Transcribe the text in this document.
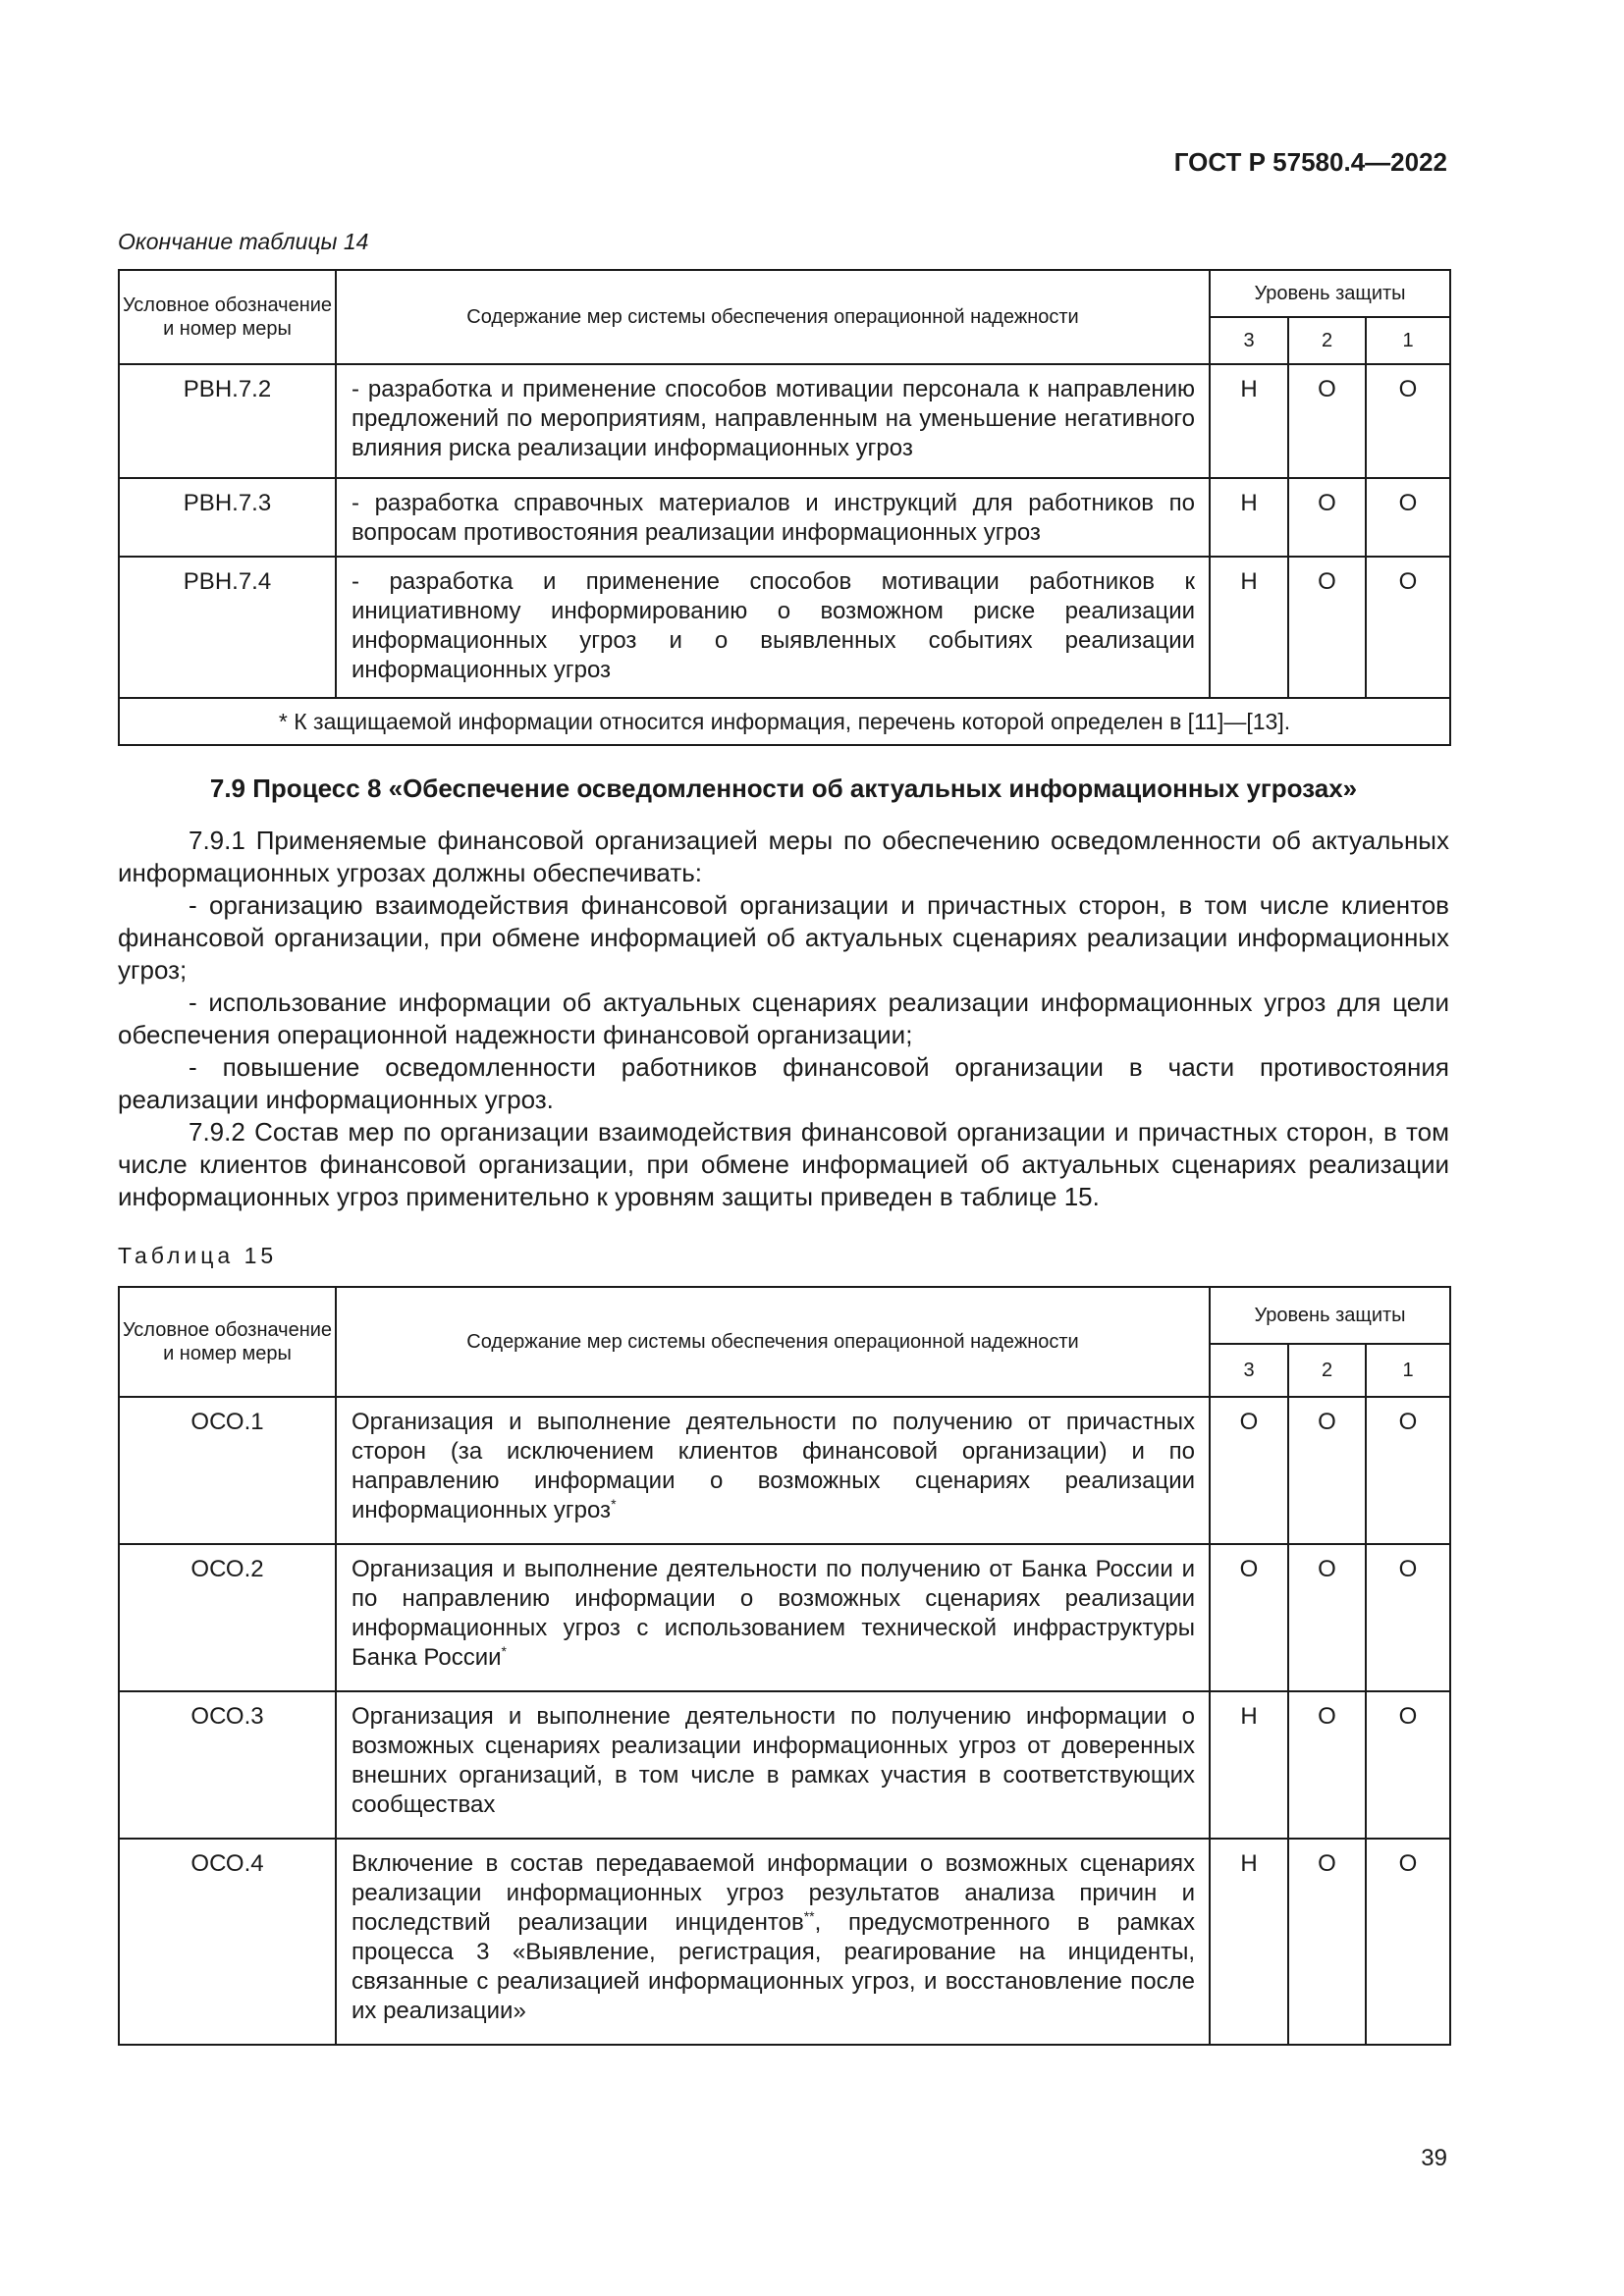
ГОСТ Р 57580.4—2022
Окончание таблицы 14
Условное обозначение и номер меры	Содержание мер системы обеспечения операционной надежности	Уровень защиты		
		3	2	1
РВН.7.2	- разработка и применение способов мотивации персонала к направлению предложений по мероприятиям, направленным на уменьшение негативного влияния риска реализации информационных угроз	Н	О	О
РВН.7.3	- разработка справочных материалов и инструкций для работников по вопросам противостояния реализации информационных угроз	Н	О	О
РВН.7.4	- разработка и применение способов мотивации работников к инициативному информированию о возможном риске реализации информационных угроз и о выявленных событиях реализации информационных угроз	Н	О	О
* К защищаемой информации относится информация, перечень которой определен в [11]—[13].				
7.9 Процесс 8 «Обеспечение осведомленности об актуальных информационных угрозах»

7.9.1 Применяемые финансовой организацией меры по обеспечению осведомленности об актуальных информационных угрозах должны обеспечивать:

- организацию взаимодействия финансовой организации и причастных сторон, в том числе клиентов финансовой организации, при обмене информацией об актуальных сценариях реализации информационных угроз;

- использование информации об актуальных сценариях реализации информационных угроз для цели обеспечения операционной надежности финансовой организации;

- повышение осведомленности работников финансовой организации в части противостояния реализации информационных угроз.

7.9.2 Состав мер по организации взаимодействия финансовой организации и причастных сторон, в том числе клиентов финансовой организации, при обмене информацией об актуальных сценариях реализации информационных угроз применительно к уровням защиты приведен в таблице 15.

Таблица 15
Условное обозначение и номер меры	Содержание мер системы обеспечения операционной надежности	Уровень защиты		
		3	2	1
ОСО.1	Организация и выполнение деятельности по получению от причастных сторон (за исключением клиентов финансовой организации) и по направлению информации о возможных сценариях реализации информационных угроз*	О	О	О
ОСО.2	Организация и выполнение деятельности по получению от Банка России и по направлению информации о возможных сценариях реализации информационных угроз с использованием технической инфраструктуры Банка России*	О	О	О
ОСО.3	Организация и выполнение деятельности по получению информации о возможных сценариях реализации информационных угроз от доверенных внешних организаций, в том числе в рамках участия в соответствующих сообществах	Н	О	О
ОСО.4	Включение в состав передаваемой информации о возможных сценариях реализации информационных угроз результатов анализа причин и последствий реализации инцидентов**, предусмотренного в рамках процесса 3 «Выявление, регистрация, реагирование на инциденты, связанные с реализацией информационных угроз, и восстановление после их реализации»	Н	О	О
39
